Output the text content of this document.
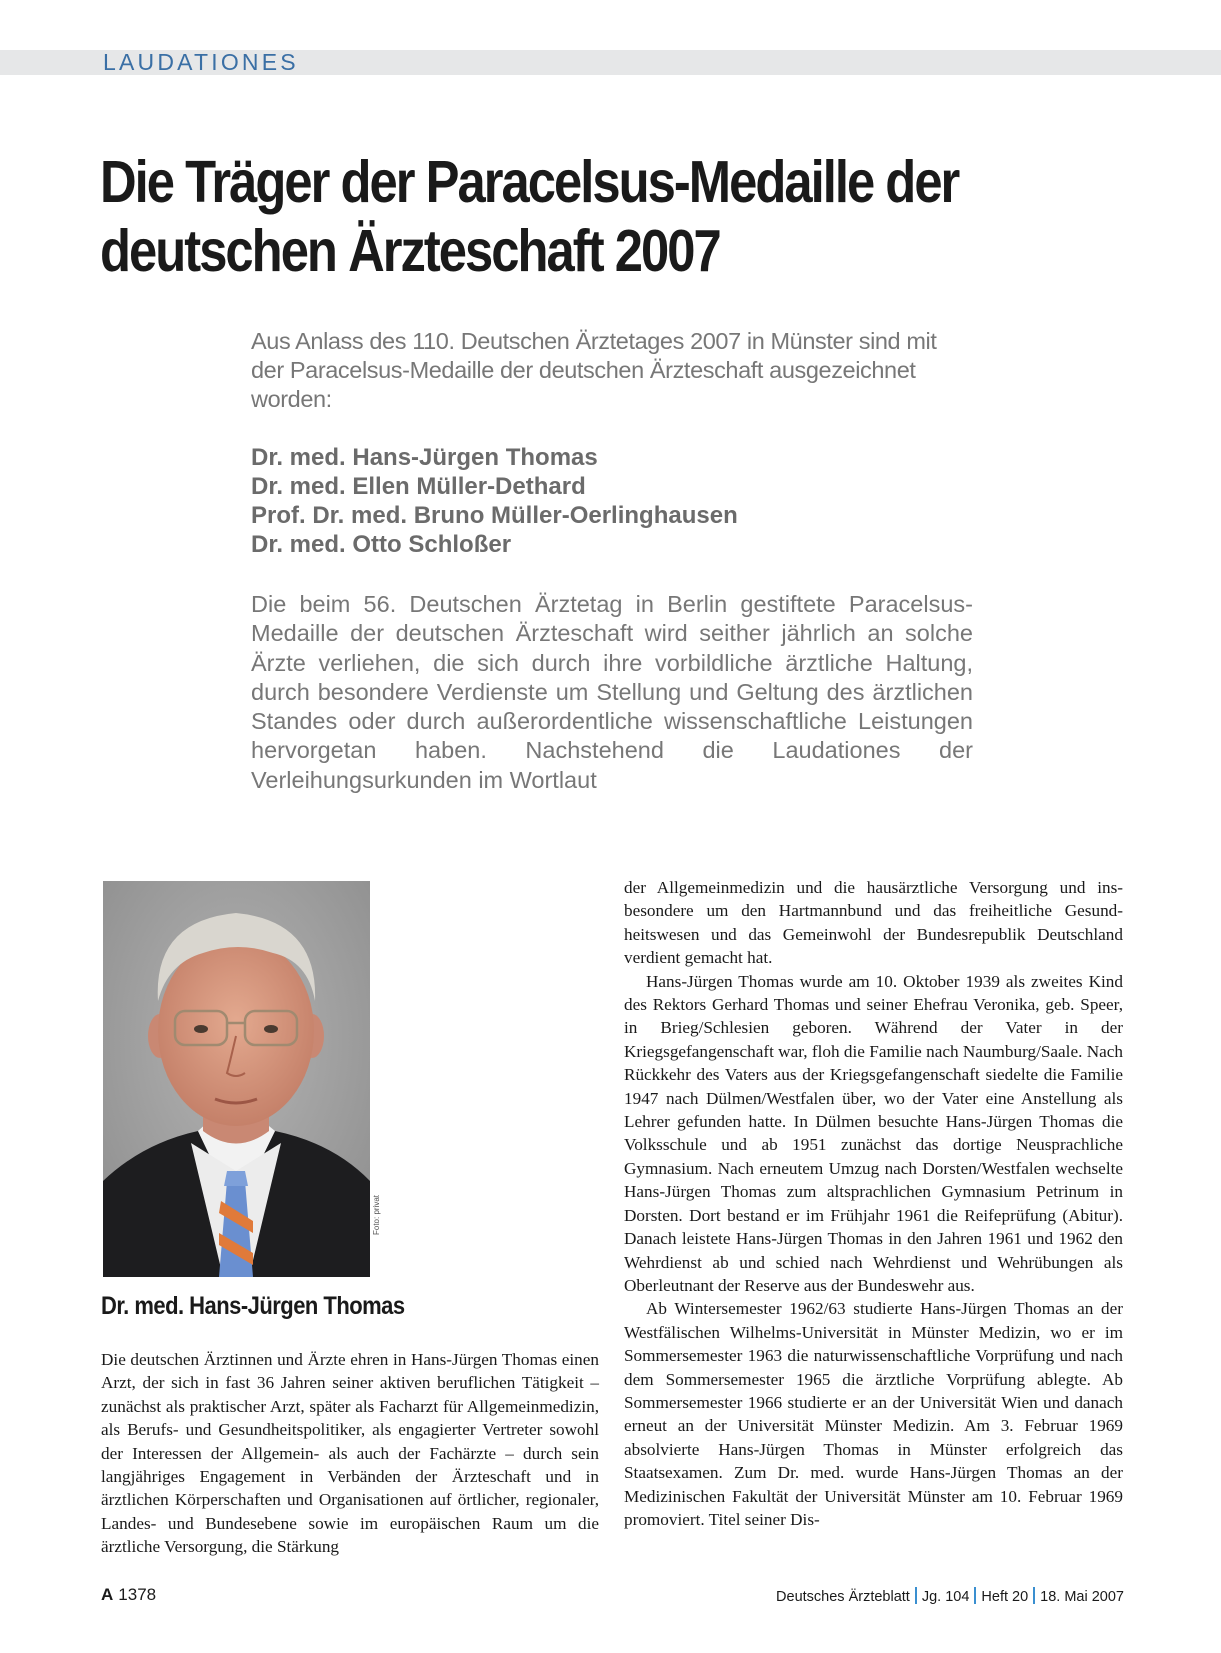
LAUDATIONES
Die Träger der Paracelsus-Medaille der deutschen Ärzteschaft 2007

Aus Anlass des 110. Deutschen Ärztetages 2007 in Münster sind mit der Paracelsus-Medaille der deutschen Ärzteschaft ausgezeichnet worden:

Dr. med. Hans-Jürgen Thomas
Dr. med. Ellen Müller-Dethard
Prof. Dr. med. Bruno Müller-Oerlinghausen
Dr. med. Otto Schloßer

Die beim 56. Deutschen Ärztetag in Berlin gestiftete Paracelsus-Medaille der deutschen Ärzteschaft wird seither jährlich an solche Ärzte verliehen, die sich durch ihre vorbildliche ärztliche Haltung, durch besondere Verdienste um Stellung und Geltung des ärztlichen Standes oder durch außerordentliche wissenschaftliche Leistungen hervorgetan haben. Nachstehend die Laudationes der Verleihungsurkunden im Wortlaut

Foto: privat
Dr. med. Hans-Jürgen Thomas

Die deutschen Ärztinnen und Ärzte ehren in Hans-Jürgen Thomas einen Arzt, der sich in fast 36 Jahren seiner aktiven beruflichen Tätigkeit – zunächst als praktischer Arzt, später als Facharzt für Allgemeinmedizin, als Berufs- und Gesundheitspolitiker, als engagierter Vertreter sowohl der Interessen der Allgemein- als auch der Fachärzte – durch sein langjähriges Engagement in Verbänden der Ärzteschaft und in ärztlichen Körperschaften und Organisationen auf örtlicher, regionaler, Landes- und Bundesebene sowie im europäischen Raum um die ärztliche Versorgung, die Stärkung

der Allgemeinmedizin und die hausärztliche Versorgung und insbesondere um den Hartmannbund und das freiheitliche Gesundheitswesen und das Gemeinwohl der Bundesrepublik Deutschland verdient gemacht hat.

Hans-Jürgen Thomas wurde am 10. Oktober 1939 als zweites Kind des Rektors Gerhard Thomas und seiner Ehefrau Veronika, geb. Speer, in Brieg/Schlesien geboren. Während der Vater in der Kriegsgefangenschaft war, floh die Familie nach Naumburg/Saale. Nach Rückkehr des Vaters aus der Kriegsgefangenschaft siedelte die Familie 1947 nach Dülmen/Westfalen über, wo der Vater eine Anstellung als Lehrer gefunden hatte. In Dülmen besuchte Hans-Jürgen Thomas die Volksschule und ab 1951 zunächst das dortige Neusprachliche Gymnasium. Nach erneutem Umzug nach Dorsten/Westfalen wechselte Hans-Jürgen Thomas zum altsprachlichen Gymnasium Petrinum in Dorsten. Dort bestand er im Frühjahr 1961 die Reifeprüfung (Abitur). Danach leistete Hans-Jürgen Thomas in den Jahren 1961 und 1962 den Wehrdienst ab und schied nach Wehrdienst und Wehrübungen als Oberleutnant der Reserve aus der Bundeswehr aus.

Ab Wintersemester 1962/63 studierte Hans-Jürgen Thomas an der Westfälischen Wilhelms-Universität in Münster Medizin, wo er im Sommersemester 1963 die naturwissenschaftliche Vorprüfung und nach dem Sommersemester 1965 die ärztliche Vorprüfung ablegte. Ab Sommersemester 1966 studierte er an der Universität Wien und danach erneut an der Universität Münster Medizin. Am 3. Februar 1969 absolvierte Hans-Jürgen Thomas in Münster erfolgreich das Staatsexamen. Zum Dr. med. wurde Hans-Jürgen Thomas an der Medizinischen Fakultät der Universität Münster am 10. Februar 1969 promoviert. Titel seiner Dis-

A 1378	Deutsches Ärzteblatt Jg. 104 Heft 20 18. Mai 2007
